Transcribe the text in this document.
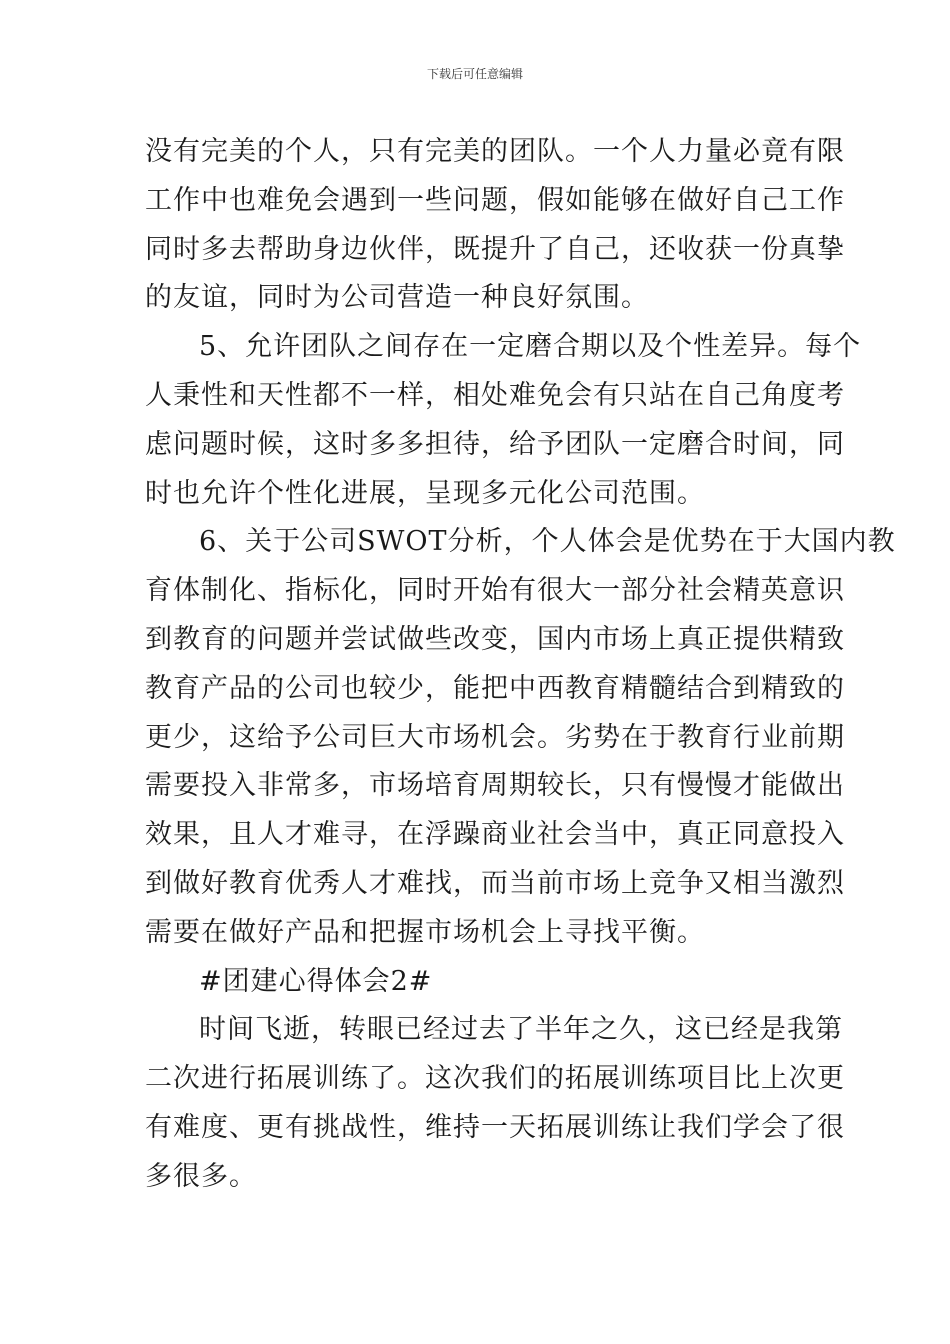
下载后可任意编辑
没有完美的个人，只有完美的团队。一个人力量必竟有限
工作中也难免会遇到一些问题，假如能够在做好自己工作
同时多去帮助身边伙伴，既提升了自己，还收获一份真挚
的友谊，同时为公司营造一种良好氛围。
5、允许团队之间存在一定磨合期以及个性差异。每个
人秉性和天性都不一样，相处难免会有只站在自己角度考
虑问题时候，这时多多担待，给予团队一定磨合时间，同
时也允许个性化进展，呈现多元化公司范围。
6、关于公司SWOT分析，个人体会是优势在于大国内教
育体制化、指标化，同时开始有很大一部分社会精英意识
到教育的问题并尝试做些改变，国内市场上真正提供精致
教育产品的公司也较少，能把中西教育精髓结合到精致的
更少，这给予公司巨大市场机会。劣势在于教育行业前期
需要投入非常多，市场培育周期较长，只有慢慢才能做出
效果，且人才难寻，在浮躁商业社会当中，真正同意投入
到做好教育优秀人才难找，而当前市场上竞争又相当激烈
需要在做好产品和把握市场机会上寻找平衡。
#团建心得体会2#
时间飞逝，转眼已经过去了半年之久，这已经是我第
二次进行拓展训练了。这次我们的拓展训练项目比上次更
有难度、更有挑战性，维持一天拓展训练让我们学会了很
多很多。
